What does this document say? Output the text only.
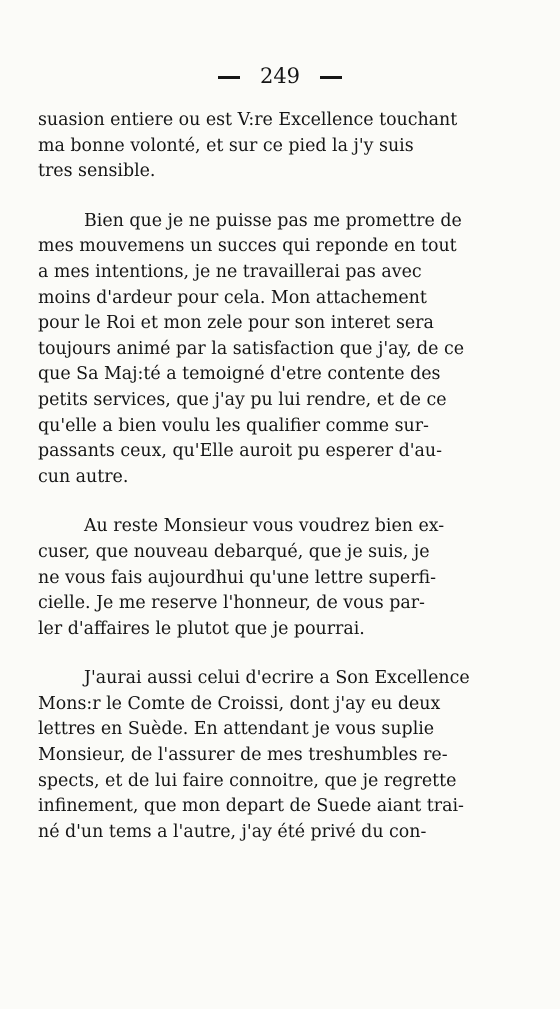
249

suasion entiere ou est V:re Excellence touchant
ma bonne volonté, et sur ce pied la j'y suis
tres sensible.

Bien que je ne puisse pas me promettre de
mes mouvemens un succes qui reponde en tout
a mes intentions, je ne travaillerai pas avec
moins d'ardeur pour cela. Mon attachement
pour le Roi et mon zele pour son interet sera
toujours animé par la satisfaction que j'ay, de ce
que Sa Maj:té a temoigné d'etre contente des
petits services, que j'ay pu lui rendre, et de ce
qu'elle a bien voulu les qualifier comme sur-
passants ceux, qu'Elle auroit pu esperer d'au-
cun autre.

Au reste Monsieur vous voudrez bien ex-
cuser, que nouveau debarqué, que je suis, je
ne vous fais aujourdhui qu'une lettre superfi-
cielle. Je me reserve l'honneur, de vous par-
ler d'affaires le plutot que je pourrai.

J'aurai aussi celui d'ecrire a Son Excellence
Mons:r le Comte de Croissi, dont j'ay eu deux
lettres en Suède. En attendant je vous suplie
Monsieur, de l'assurer de mes treshumbles re-
spects, et de lui faire connoitre, que je regrette
infinement, que mon depart de Suede aiant trai-
né d'un tems a l'autre, j'ay été privé du con-
